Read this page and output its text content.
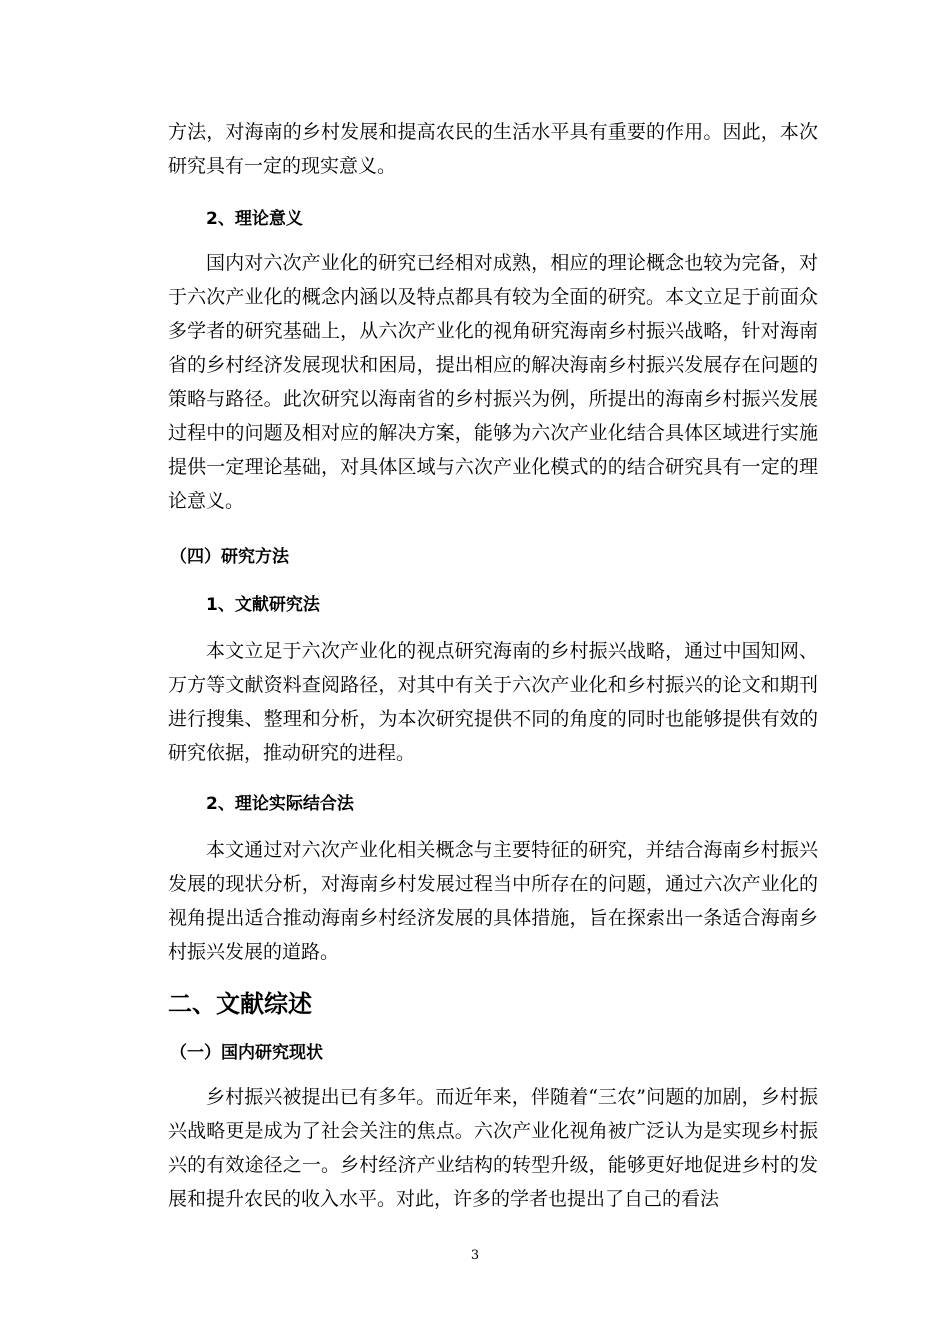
方法，对海南的乡村发展和提高农民的生活水平具有重要的作用。因此，本次研究具有一定的现实意义。

2、理论意义

国内对六次产业化的研究已经相对成熟，相应的理论概念也较为完备，对于六次产业化的概念内涵以及特点都具有较为全面的研究。本文立足于前面众多学者的研究基础上，从六次产业化的视角研究海南乡村振兴战略，针对海南省的乡村经济发展现状和困局，提出相应的解决海南乡村振兴发展存在问题的策略与路径。此次研究以海南省的乡村振兴为例，所提出的海南乡村振兴发展过程中的问题及相对应的解决方案，能够为六次产业化结合具体区域进行实施提供一定理论基础，对具体区域与六次产业化模式的的结合研究具有一定的理论意义。

（四）研究方法
1、文献研究法

本文立足于六次产业化的视点研究海南的乡村振兴战略，通过中国知网、万方等文献资料查阅路径，对其中有关于六次产业化和乡村振兴的论文和期刊进行搜集、整理和分析，为本次研究提供不同的角度的同时也能够提供有效的研究依据，推动研究的进程。

2、理论实际结合法

本文通过对六次产业化相关概念与主要特征的研究，并结合海南乡村振兴发展的现状分析，对海南乡村发展过程当中所存在的问题，通过六次产业化的视角提出适合推动海南乡村经济发展的具体措施，旨在探索出一条适合海南乡村振兴发展的道路。

二、文献综述
（一）国内研究现状

乡村振兴被提出已有多年。而近年来，伴随着“三农”问题的加剧，乡村振兴战略更是成为了社会关注的焦点。六次产业化视角被广泛认为是实现乡村振兴的有效途径之一。乡村经济产业结构的转型升级，能够更好地促进乡村的发展和提升农民的收入水平。对此，许多的学者也提出了自己的看法

3
